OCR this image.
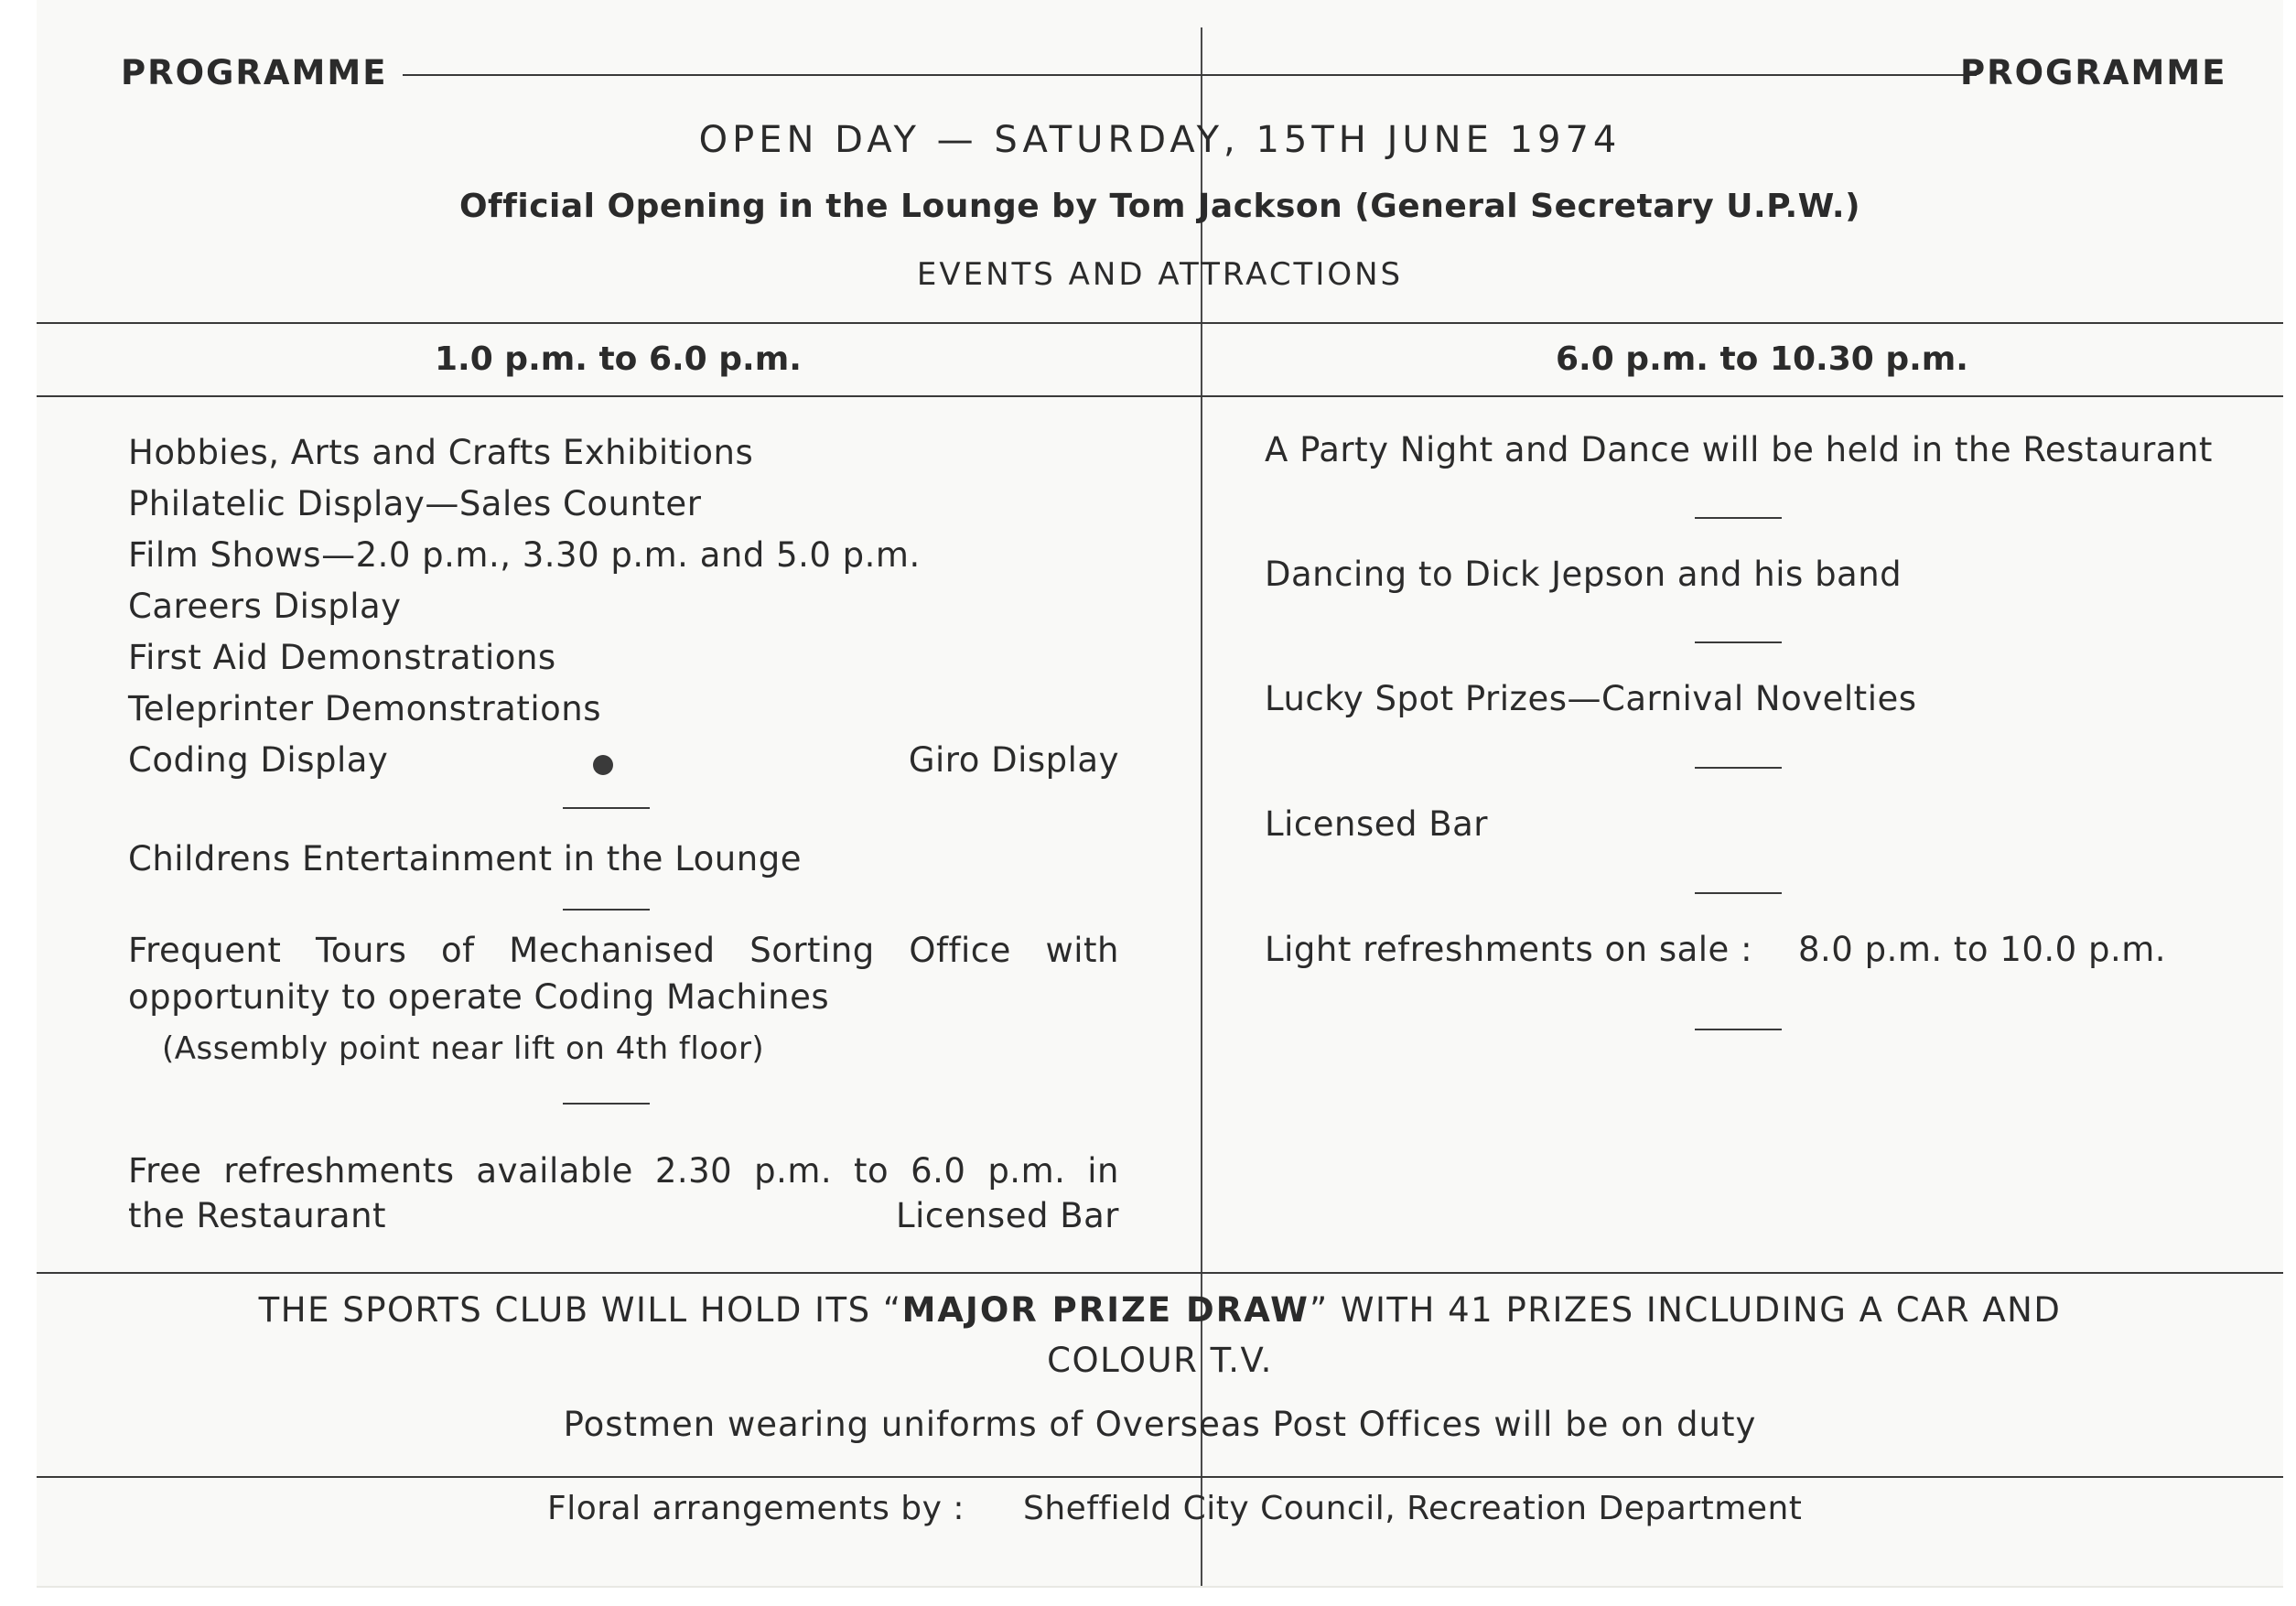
PROGRAMME	PROGRAMME
OPEN DAY — SATURDAY, 15TH JUNE 1974
Official Opening in the Lounge by Tom Jackson (General Secretary U.P.W.)
EVENTS AND ATTRACTIONS
1.0 p.m. to 6.0 p.m.	6.0 p.m. to 10.30 p.m.
Hobbies, Arts and Crafts Exhibitions
Philatelic Display—Sales Counter
Film Shows—2.0 p.m., 3.30 p.m. and 5.0 p.m.
Careers Display
First Aid Demonstrations
Teleprinter Demonstrations
Coding Display	Giro Display
Childrens Entertainment in the Lounge
Frequent Tours of Mechanised Sorting Office with
opportunity to operate Coding Machines
(Assembly point near lift on 4th floor)
Free refreshments available 2.30 p.m. to 6.0 p.m. in
the Restaurant	Licensed Bar
A Party Night and Dance will be held in the Restaurant
Dancing to Dick Jepson and his band
Lucky Spot Prizes—Carnival Novelties
Licensed Bar
Light refreshments on sale : 8.0 p.m. to 10.0 p.m.
THE SPORTS CLUB WILL HOLD ITS “MAJOR PRIZE DRAW” WITH 41 PRIZES INCLUDING A CAR AND
COLOUR T.V.
Postmen wearing uniforms of Overseas Post Offices will be on duty
Floral arrangements by : Sheffield City Council, Recreation Department
